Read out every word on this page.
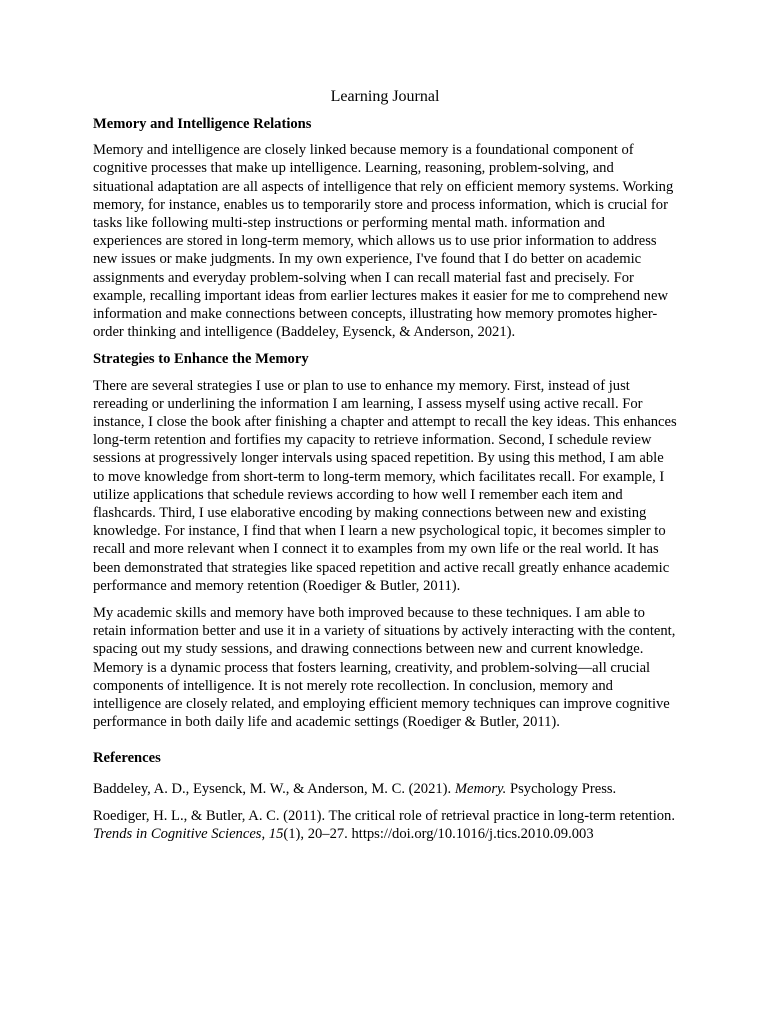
Learning Journal
Memory and Intelligence Relations

Memory and intelligence are closely linked because memory is a foundational component of cognitive processes that make up intelligence. Learning, reasoning, problem-solving, and situational adaptation are all aspects of intelligence that rely on efficient memory systems. Working memory, for instance, enables us to temporarily store and process information, which is crucial for tasks like following multi-step instructions or performing mental math. information and experiences are stored in long-term memory, which allows us to use prior information to address new issues or make judgments. In my own experience, I've found that I do better on academic assignments and everyday problem-solving when I can recall material fast and precisely. For example, recalling important ideas from earlier lectures makes it easier for me to comprehend new information and make connections between concepts, illustrating how memory promotes higher-order thinking and intelligence (Baddeley, Eysenck, & Anderson, 2021).

Strategies to Enhance the Memory

There are several strategies I use or plan to use to enhance my memory. First, instead of just rereading or underlining the information I am learning, I assess myself using active recall. For instance, I close the book after finishing a chapter and attempt to recall the key ideas. This enhances long-term retention and fortifies my capacity to retrieve information. Second, I schedule review sessions at progressively longer intervals using spaced repetition. By using this method, I am able to move knowledge from short-term to long-term memory, which facilitates recall. For example, I utilize applications that schedule reviews according to how well I remember each item and flashcards. Third, I use elaborative encoding by making connections between new and existing knowledge. For instance, I find that when I learn a new psychological topic, it becomes simpler to recall and more relevant when I connect it to examples from my own life or the real world. It has been demonstrated that strategies like spaced repetition and active recall greatly enhance academic performance and memory retention (Roediger & Butler, 2011).

My academic skills and memory have both improved because to these techniques. I am able to retain information better and use it in a variety of situations by actively interacting with the content, spacing out my study sessions, and drawing connections between new and current knowledge. Memory is a dynamic process that fosters learning, creativity, and problem-solving—all crucial components of intelligence. It is not merely rote recollection. In conclusion, memory and intelligence are closely related, and employing efficient memory techniques can improve cognitive performance in both daily life and academic settings (Roediger & Butler, 2011).

References
Baddeley, A. D., Eysenck, M. W., & Anderson, M. C. (2021). Memory. Psychology Press.
Roediger, H. L., & Butler, A. C. (2011). The critical role of retrieval practice in long-term retention. Trends in Cognitive Sciences, 15(1), 20–27. https://doi.org/10.1016/j.tics.2010.09.003
